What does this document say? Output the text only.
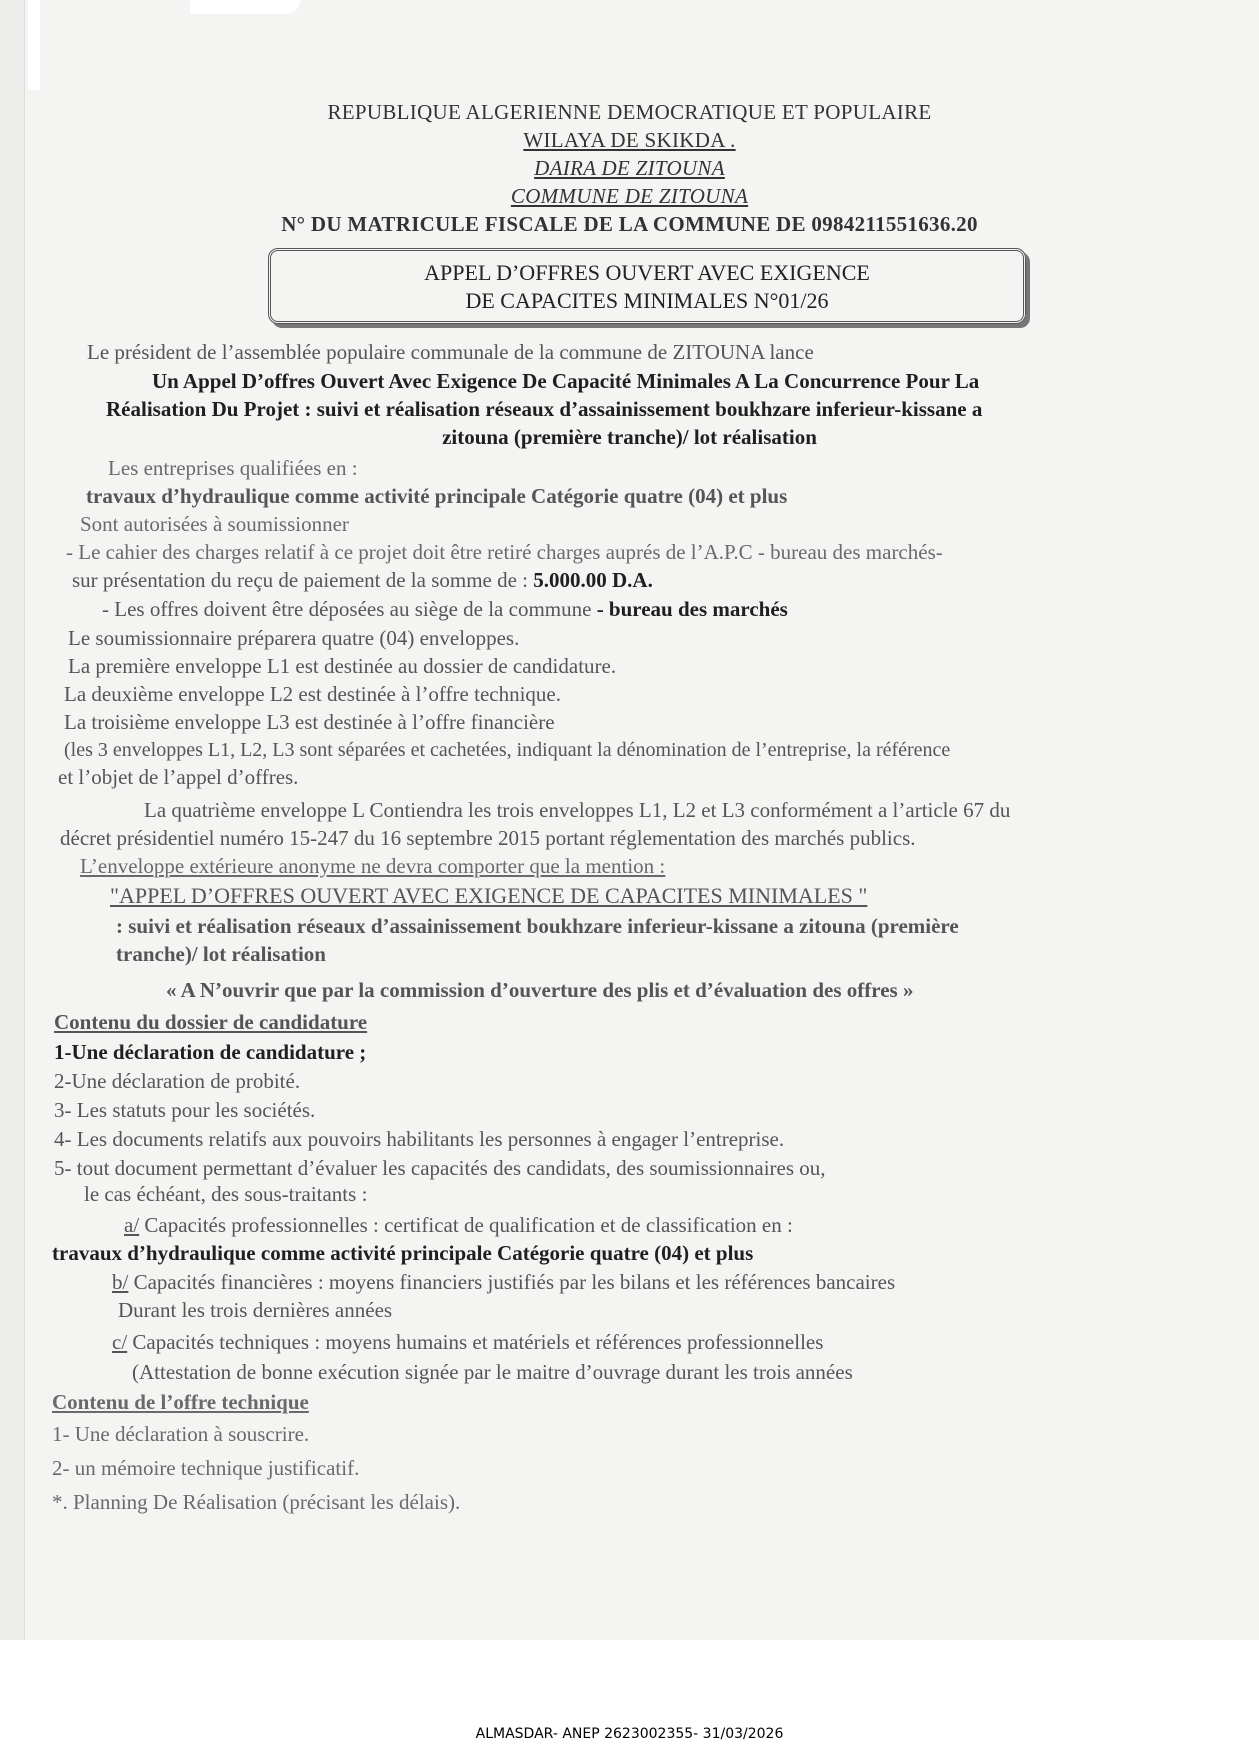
REPUBLIQUE ALGERIENNE DEMOCRATIQUE ET POPULAIRE
WILAYA DE SKIKDA .
DAIRA DE ZITOUNA
COMMUNE DE ZITOUNA
N° DU MATRICULE FISCALE DE LA COMMUNE DE 0984211551636.20
APPEL D’OFFRES OUVERT AVEC EXIGENCE
DE CAPACITES MINIMALES N°01/26
Le président de l’assemblée populaire communale de la commune de ZITOUNA lance
Un Appel D’offres Ouvert Avec Exigence De Capacité Minimales A La Concurrence Pour La
Réalisation Du Projet : suivi et réalisation réseaux d’assainissement boukhzare inferieur-kissane a
zitouna (première tranche)/ lot réalisation
Les entreprises qualifiées en :
travaux d’hydraulique comme activité principale Catégorie quatre (04) et plus
Sont autorisées à soumissionner
- Le cahier des charges relatif à ce projet doit être retiré charges auprés de l’A.P.C - bureau des marchés-
sur présentation du reçu de paiement de la somme de : 5.000.00 D.A.
- Les offres doivent être déposées au siège de la commune - bureau des marchés
Le soumissionnaire préparera quatre (04) enveloppes.
La première enveloppe L1 est destinée au dossier de candidature.
La deuxième enveloppe L2 est destinée à l’offre technique.
La troisième enveloppe L3 est destinée à l’offre financière
(les 3 enveloppes L1, L2, L3 sont séparées et cachetées, indiquant la dénomination de l’entreprise, la référence
et l’objet de l’appel d’offres.
La quatrième enveloppe L Contiendra les trois enveloppes L1, L2 et L3 conformément a l’article 67 du
décret présidentiel numéro 15-247 du 16 septembre 2015 portant réglementation des marchés publics.
L’enveloppe extérieure anonyme ne devra comporter que la mention :
"APPEL D’OFFRES OUVERT AVEC EXIGENCE DE CAPACITES MINIMALES "
: suivi et réalisation réseaux d’assainissement boukhzare inferieur-kissane a zitouna (première
tranche)/ lot réalisation
« A N’ouvrir que par la commission d’ouverture des plis et d’évaluation des offres »
Contenu du dossier de candidature
1-Une déclaration de candidature ;
2-Une déclaration de probité.
3- Les statuts pour les sociétés.
4- Les documents relatifs aux pouvoirs habilitants les personnes à engager l’entreprise.
5- tout document permettant d’évaluer les capacités des candidats, des soumissionnaires ou,
le cas échéant, des sous-traitants :
a/ Capacités professionnelles : certificat de qualification et de classification en :
travaux d’hydraulique comme activité principale Catégorie quatre (04) et plus
b/ Capacités financières : moyens financiers justifiés par les bilans et les références bancaires
Durant les trois dernières années
c/ Capacités techniques : moyens humains et matériels et références professionnelles
(Attestation de bonne exécution signée par le maitre d’ouvrage durant les trois années
Contenu de l’offre technique
1- Une déclaration à souscrire.
2- un mémoire technique justificatif.
*. Planning De Réalisation (précisant les délais).
ALMASDAR- ANEP 2623002355- 31/03/2026
